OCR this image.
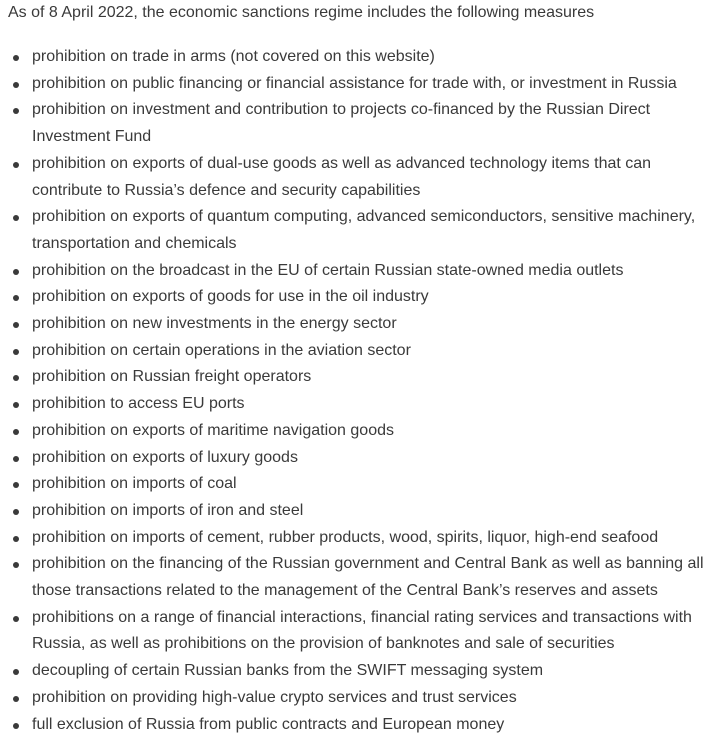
As of 8 April 2022, the economic sanctions regime includes the following measures

prohibition on trade in arms (not covered on this website)
prohibition on public financing or financial assistance for trade with, or investment in Russia
prohibition on investment and contribution to projects co-financed by the Russian Direct Investment Fund
prohibition on exports of dual-use goods as well as advanced technology items that can contribute to Russia’s defence and security capabilities
prohibition on exports of quantum computing, advanced semiconductors, sensitive machinery, transportation and chemicals
prohibition on the broadcast in the EU of certain Russian state-owned media outlets
prohibition on exports of goods for use in the oil industry
prohibition on new investments in the energy sector
prohibition on certain operations in the aviation sector
prohibition on Russian freight operators
prohibition to access EU ports
prohibition on exports of maritime navigation goods
prohibition on exports of luxury goods
prohibition on imports of coal
prohibition on imports of iron and steel
prohibition on imports of cement, rubber products, wood, spirits, liquor, high-end seafood
prohibition on the financing of the Russian government and Central Bank as well as banning all those transactions related to the management of the Central Bank’s reserves and assets
prohibitions on a range of financial interactions, financial rating services and transactions with Russia, as well as prohibitions on the provision of banknotes and sale of securities
decoupling of certain Russian banks from the SWIFT messaging system
prohibition on providing high-value crypto services and trust services
full exclusion of Russia from public contracts and European money
